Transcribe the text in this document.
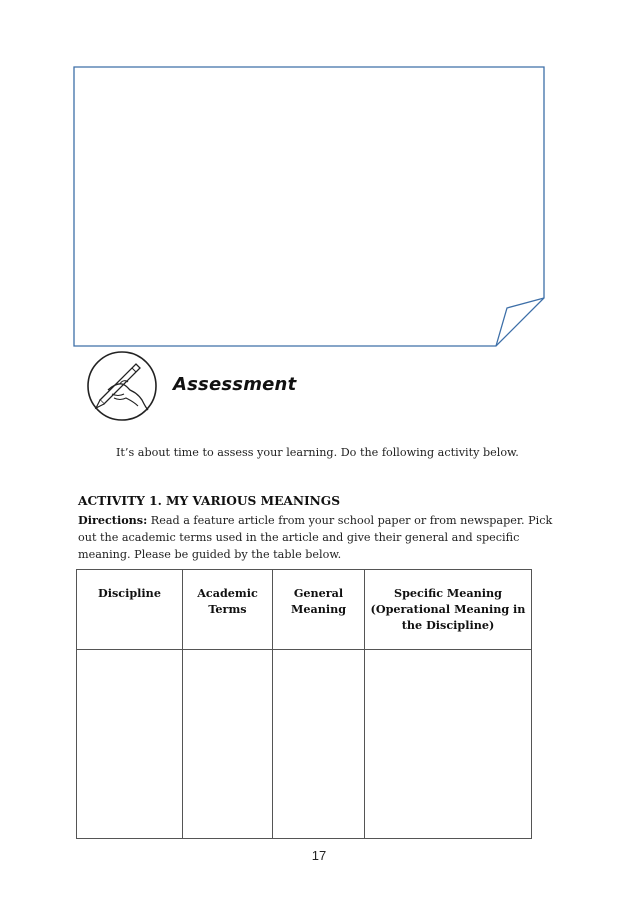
Assessment
It’s about time to assess your learning. Do the following activity below.
ACTIVITY 1. MY VARIOUS MEANINGS
Directions: Read a feature article from your school paper or from newspaper. Pick out the academic terms used in the article and give their general and specific meaning. Please be guided by the table below.
Discipline	Academic Terms	General Meaning	Specific Meaning (Operational Meaning in the Discipline)

17
